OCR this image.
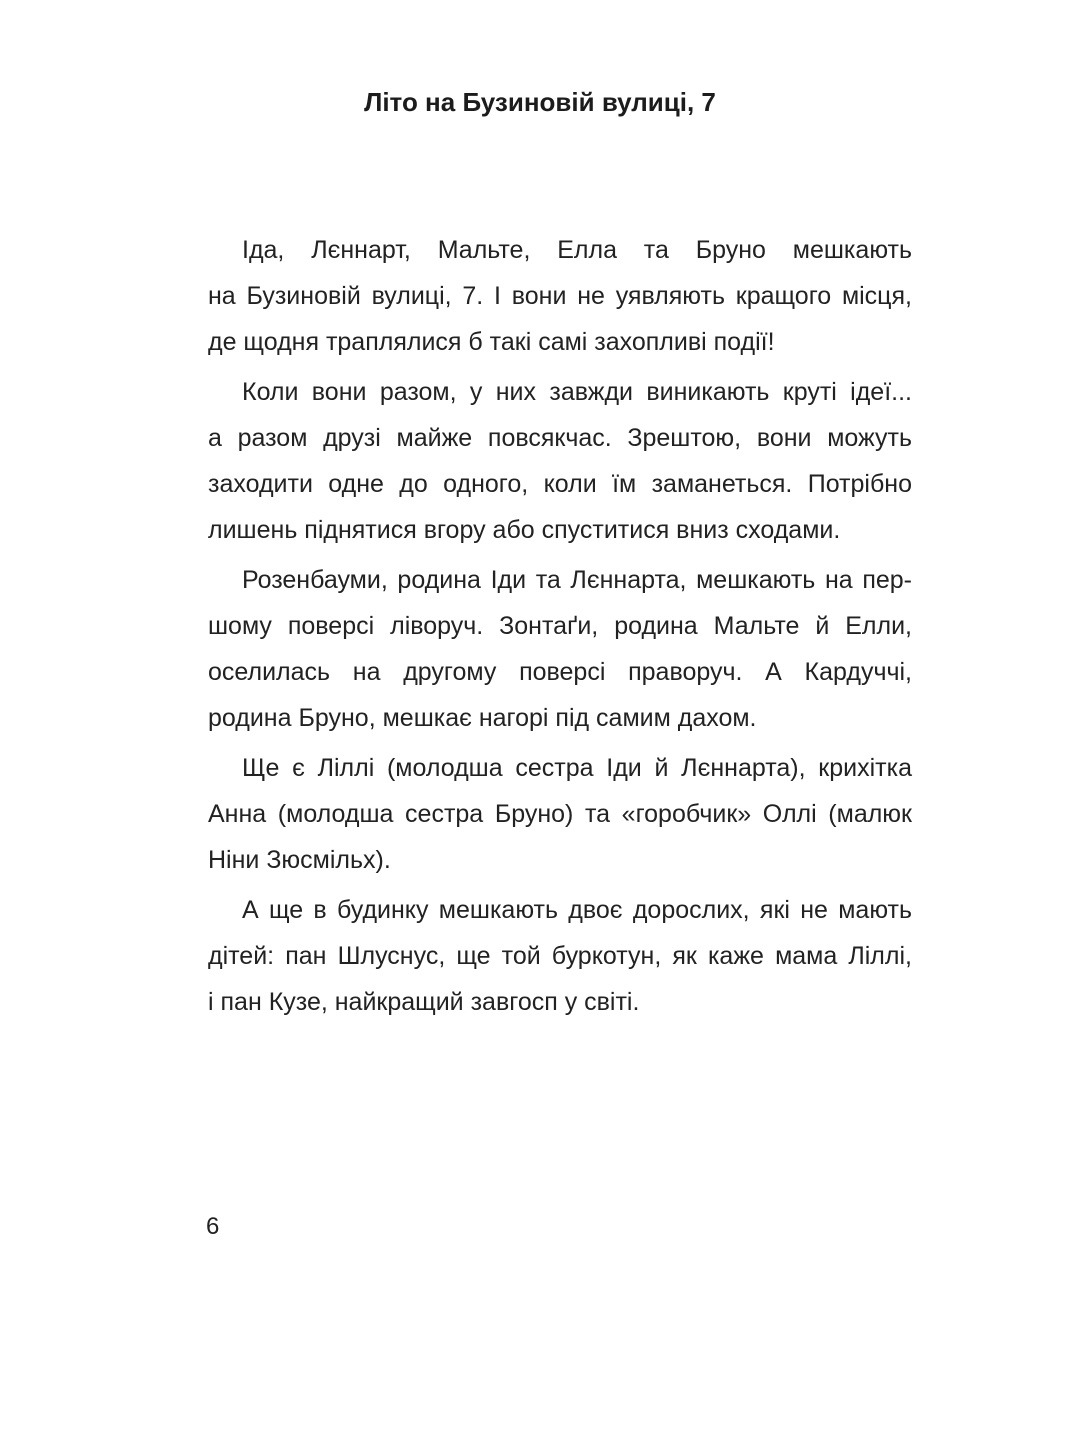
Літо на Бузиновій вулиці, 7

Іда, Лєннарт, Мальте, Елла та Бруно мешкають
на Бузиновій вулиці, 7. І вони не уявляють кращого місця,
де щодня траплялися б такі самі захопливі події!

Коли вони разом, у них завжди виникають круті ідеї...
а разом друзі майже повсякчас. Зрештою, вони можуть
заходити одне до одного, коли їм заманеться. Потрібно
лишень піднятися вгору або спуститися вниз сходами.

Розенбауми, родина Іди та Лєннарта, мешкають на пер-
шому поверсі ліворуч. Зонтаґи, родина Мальте й Елли,
оселилась на другому поверсі праворуч. А Кардуччі,
родина Бруно, мешкає нагорі під самим дахом.

Ще є Ліллі (молодша сестра Іди й Лєннарта), крихітка
Анна (молодша сестра Бруно) та «горобчик» Оллі (малюк
Ніни Зюсмільх).

А ще в будинку мешкають двоє дорослих, які не мають
дітей: пан Шлуснус, ще той буркотун, як каже мама Ліллі,
і пан Кузе, найкращий завгосп у світі.

6
